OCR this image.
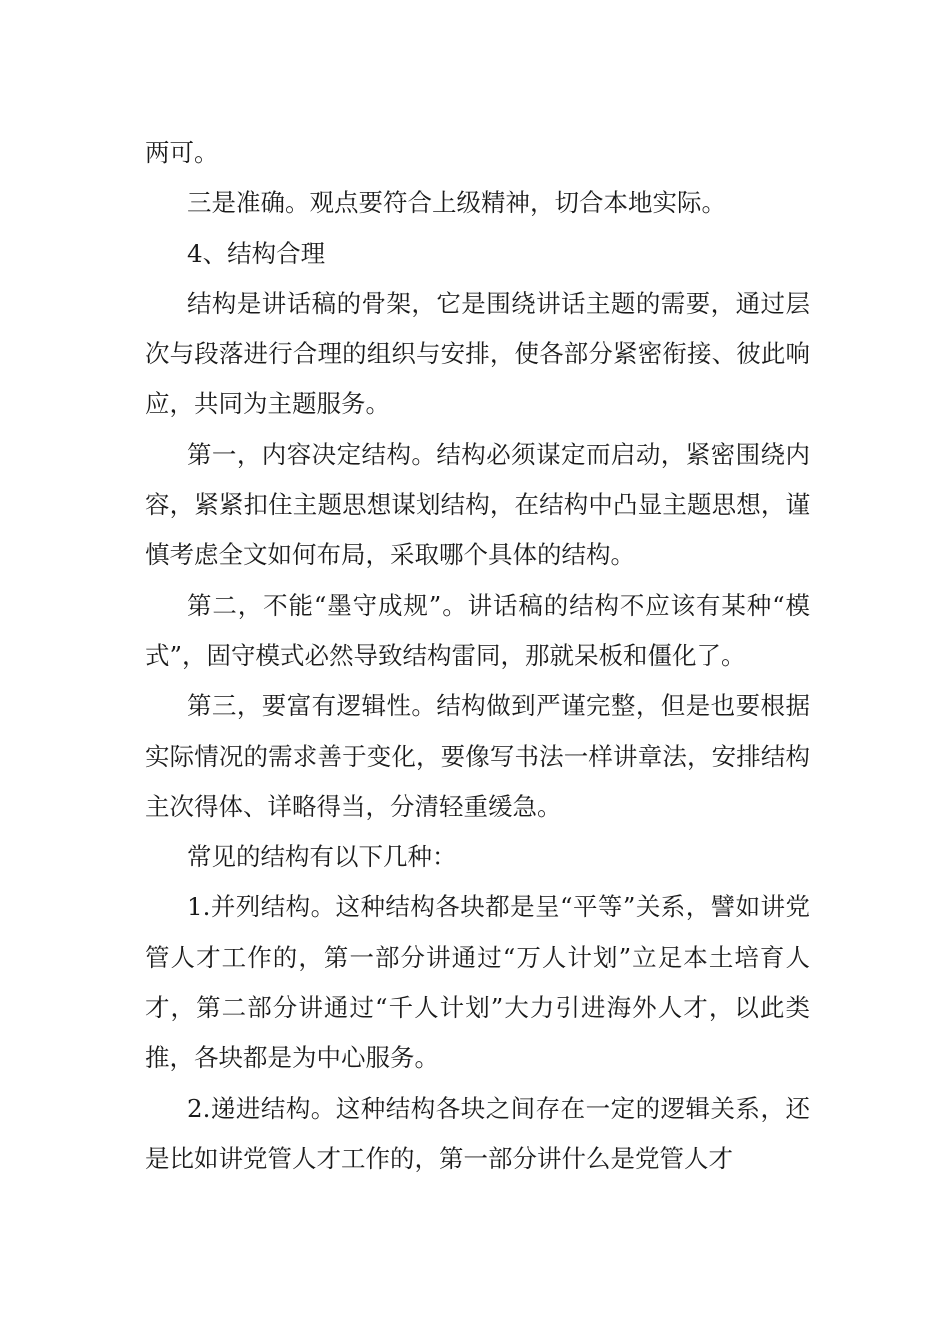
两可。

三是准确。观点要符合上级精神，切合本地实际。

4、结构合理

结构是讲话稿的骨架，它是围绕讲话主题的需要，通过层次与段落进行合理的组织与安排，使各部分紧密衔接、彼此响应，共同为主题服务。

第一，内容决定结构。结构必须谋定而启动，紧密围绕内容，紧紧扣住主题思想谋划结构，在结构中凸显主题思想，谨慎考虑全文如何布局，采取哪个具体的结构。

第二，不能“墨守成规”。讲话稿的结构不应该有某种“模式”，固守模式必然导致结构雷同，那就呆板和僵化了。

第三，要富有逻辑性。结构做到严谨完整，但是也要根据实际情况的需求善于变化，要像写书法一样讲章法，安排结构主次得体、详略得当，分清轻重缓急。

常见的结构有以下几种：

1.并列结构。这种结构各块都是呈“平等”关系，譬如讲党管人才工作的，第一部分讲通过“万人计划”立足本土培育人才，第二部分讲通过“千人计划”大力引进海外人才，以此类推，各块都是为中心服务。

2.递进结构。这种结构各块之间存在一定的逻辑关系，还是比如讲党管人才工作的，第一部分讲什么是党管人才
